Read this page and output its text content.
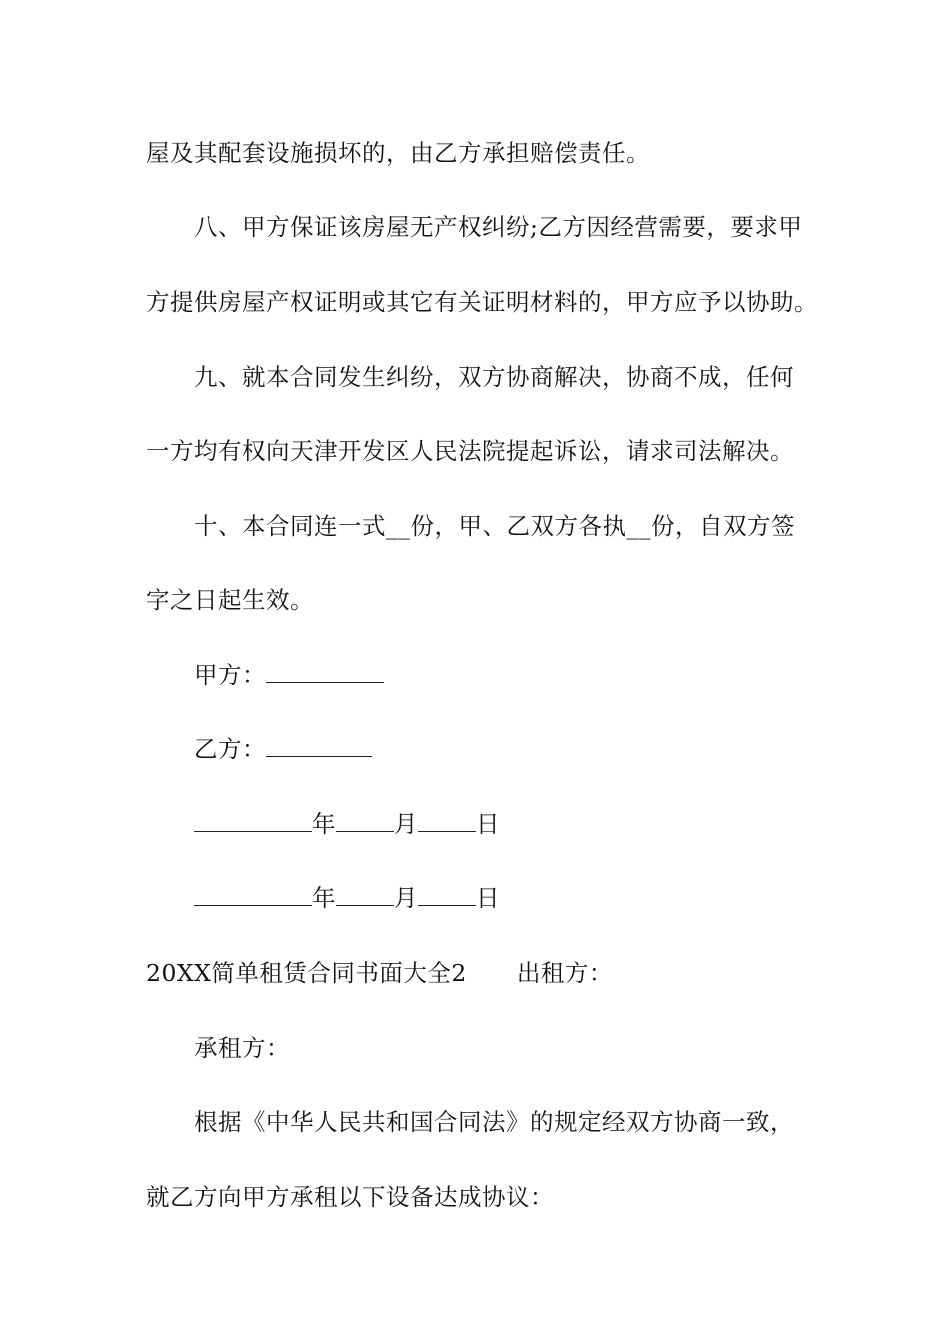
屋及其配套设施损坏的，由乙方承担赔偿责任。
八、甲方保证该房屋无产权纠纷;乙方因经营需要，要求甲
方提供房屋产权证明或其它有关证明材料的，甲方应予以协助。
九、就本合同发生纠纷，双方协商解决，协商不成，任何
一方均有权向天津开发区人民法院提起诉讼，请求司法解决。
十、本合同连一式__份，甲、乙双方各执__份，自双方签
字之日起生效。
甲方：
乙方：
年 月 日
年 月 日
20XX简单租赁合同书面大全2 出租方：
承租方：
根据《中华人民共和国合同法》的规定经双方协商一致，
就乙方向甲方承租以下设备达成协议：
